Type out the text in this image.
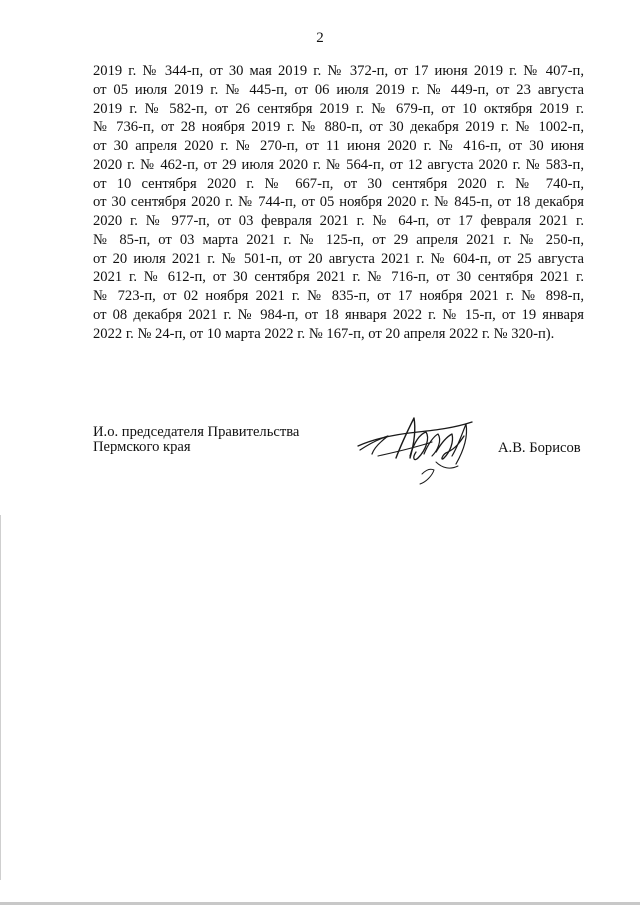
2
2019 г. № 344-п, от 30 мая 2019 г. № 372-п, от 17 июня 2019 г. № 407-п,
от 05 июля 2019 г. № 445-п, от 06 июля 2019 г. № 449-п, от 23 августа
2019 г. № 582-п, от 26 сентября 2019 г. № 679-п, от 10 октября 2019 г.
№ 736-п, от 28 ноября 2019 г. № 880-п, от 30 декабря 2019 г. № 1002-п,
от 30 апреля 2020 г. № 270-п, от 11 июня 2020 г. № 416-п, от 30 июня
2020 г. № 462-п, от 29 июля 2020 г. № 564-п, от 12 августа 2020 г. № 583-п,
от 10 сентября 2020 г. № 667-п, от 30 сентября 2020 г. № 740-п,
от 30 сентября 2020 г. № 744-п, от 05 ноября 2020 г. № 845-п, от 18 декабря
2020 г. № 977-п, от 03 февраля 2021 г. № 64-п, от 17 февраля 2021 г.
№ 85-п, от 03 марта 2021 г. № 125-п, от 29 апреля 2021 г. № 250-п,
от 20 июля 2021 г. № 501-п, от 20 августа 2021 г. № 604-п, от 25 августа
2021 г. № 612-п, от 30 сентября 2021 г. № 716-п, от 30 сентября 2021 г.
№ 723-п, от 02 ноября 2021 г. № 835-п, от 17 ноября 2021 г. № 898-п,
от 08 декабря 2021 г. № 984-п, от 18 января 2022 г. № 15-п, от 19 января
2022 г. № 24-п, от 10 марта 2022 г. № 167-п, от 20 апреля 2022 г. № 320-п).
И.о. председателя Правительства
Пермского края	А.В. Борисов
